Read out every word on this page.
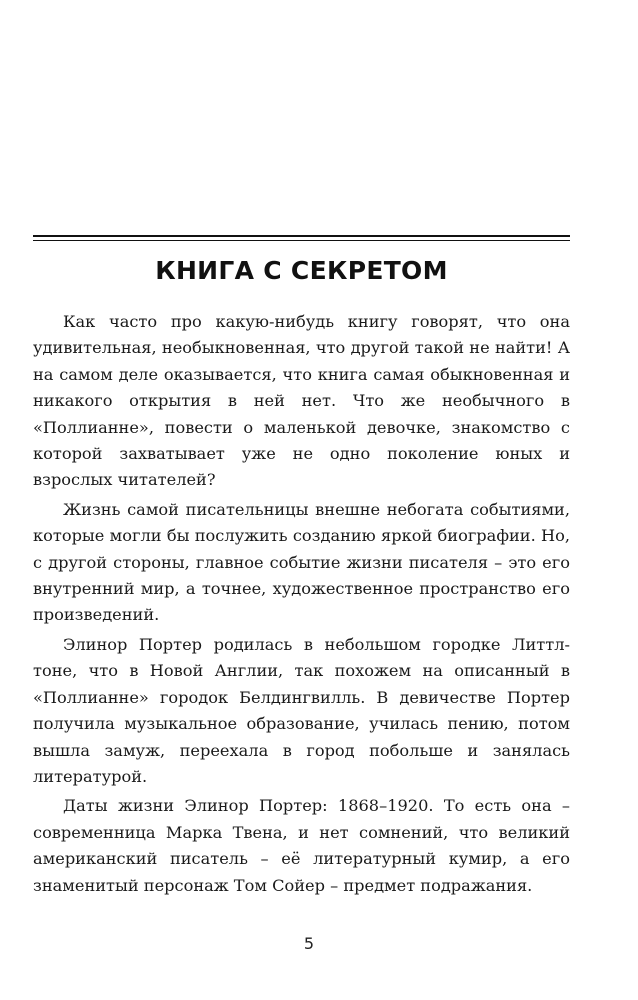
КНИГА С СЕКРЕТОМ

Как часто про какую-нибудь книгу говорят, что она удивительная, необыкновенная, что другой такой не найти! А на самом деле оказывается, что книга самая обыкновенная и никакого открытия в ней нет. Что же необычного в «Поллианне», повести о маленькой девочке, знакомство с которой захватывает уже не одно поколение юных и взрослых читателей?

Жизнь самой писательницы внешне небогата событиями, которые могли бы послужить созданию яркой биографии. Но, с другой стороны, главное событие жизни писателя – это его внутренний мир, а точнее, художественное пространство его произведений.

Элинор Портер родилась в небольшом городке Литтлтоне, что в Новой Англии, так похожем на описанный в «Поллианне» городок Белдингвилль. В девичестве Портер получила музыкальное образование, училась пению, потом вышла замуж, переехала в город побольше и занялась литературой.

Даты жизни Элинор Портер: 1868–1920. То есть она – современница Марка Твена, и нет сомнений, что великий американский писатель – её литературный кумир, а его знаменитый персонаж Том Сойер – предмет подражания.

5
